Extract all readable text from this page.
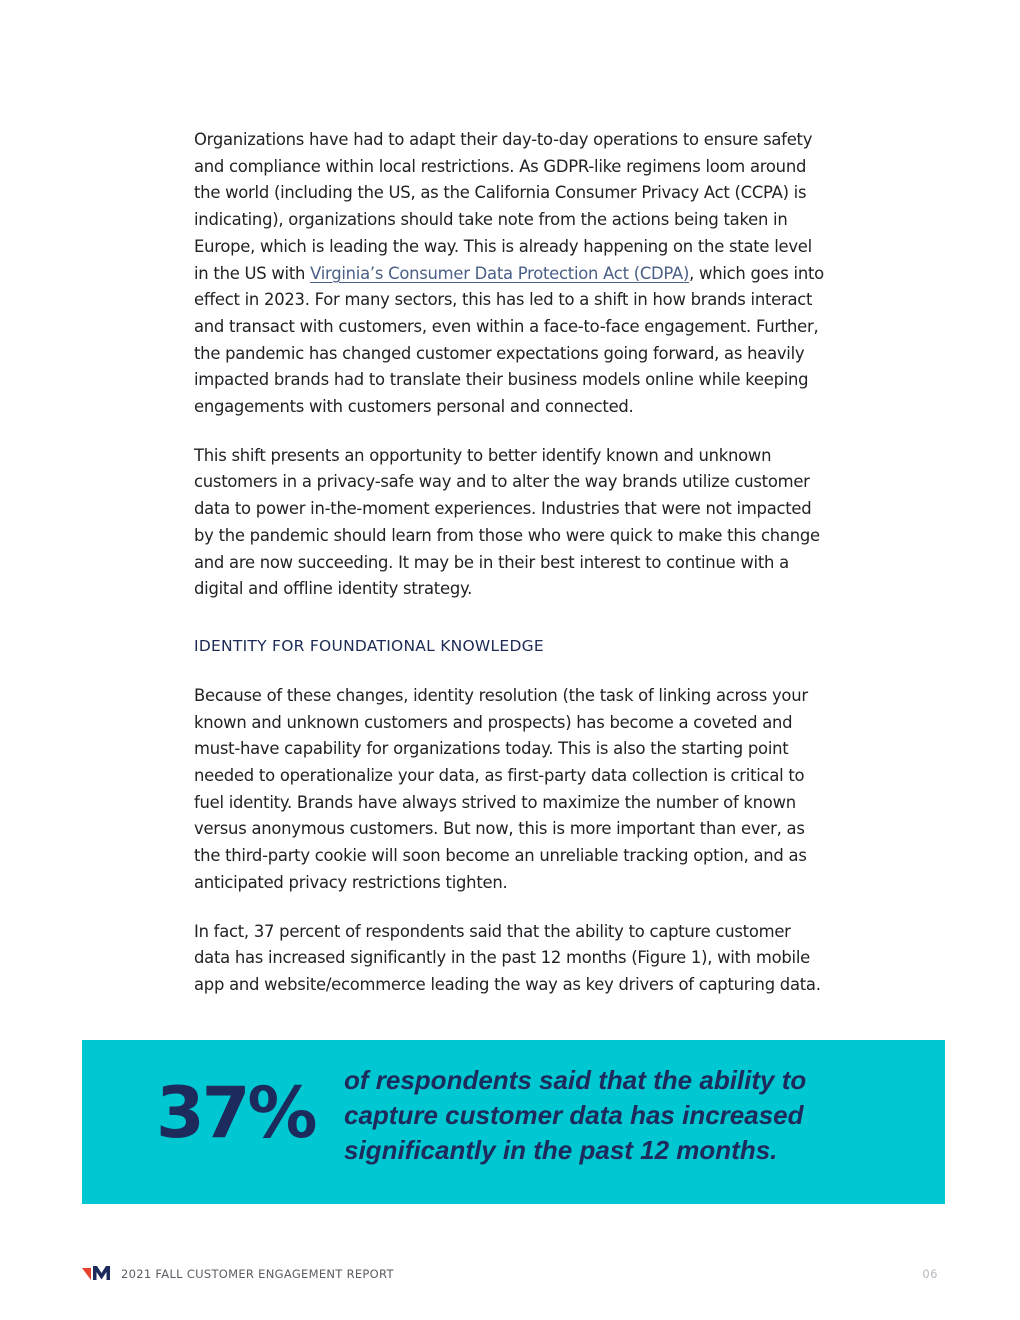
Organizations have had to adapt their day-to-day operations to ensure safety and compliance within local restrictions. As GDPR-like regimens loom around the world (including the US, as the California Consumer Privacy Act (CCPA) is indicating), organizations should take note from the actions being taken in Europe, which is leading the way. This is already happening on the state level in the US with Virginia’s Consumer Data Protection Act (CDPA), which goes into effect in 2023. For many sectors, this has led to a shift in how brands interact and transact with customers, even within a face-to-face engagement. Further, the pandemic has changed customer expectations going forward, as heavily impacted brands had to translate their business models online while keeping engagements with customers personal and connected.

This shift presents an opportunity to better identify known and unknown customers in a privacy-safe way and to alter the way brands utilize customer data to power in-the-moment experiences. Industries that were not impacted by the pandemic should learn from those who were quick to make this change and are now succeeding. It may be in their best interest to continue with a digital and offline identity strategy.

IDENTITY FOR FOUNDATIONAL KNOWLEDGE

Because of these changes, identity resolution (the task of linking across your known and unknown customers and prospects) has become a coveted and must-have capability for organizations today. This is also the starting point needed to operationalize your data, as first-party data collection is critical to fuel identity. Brands have always strived to maximize the number of known versus anonymous customers. But now, this is more important than ever, as the third-party cookie will soon become an unreliable tracking option, and as anticipated privacy restrictions tighten.

In fact, 37 percent of respondents said that the ability to capture customer data has increased significantly in the past 12 months (Figure 1), with mobile app and website/ecommerce leading the way as key drivers of capturing data.

37% of respondents said that the ability to capture customer data has increased significantly in the past 12 months.

2021 FALL CUSTOMER ENGAGEMENT REPORT	06
